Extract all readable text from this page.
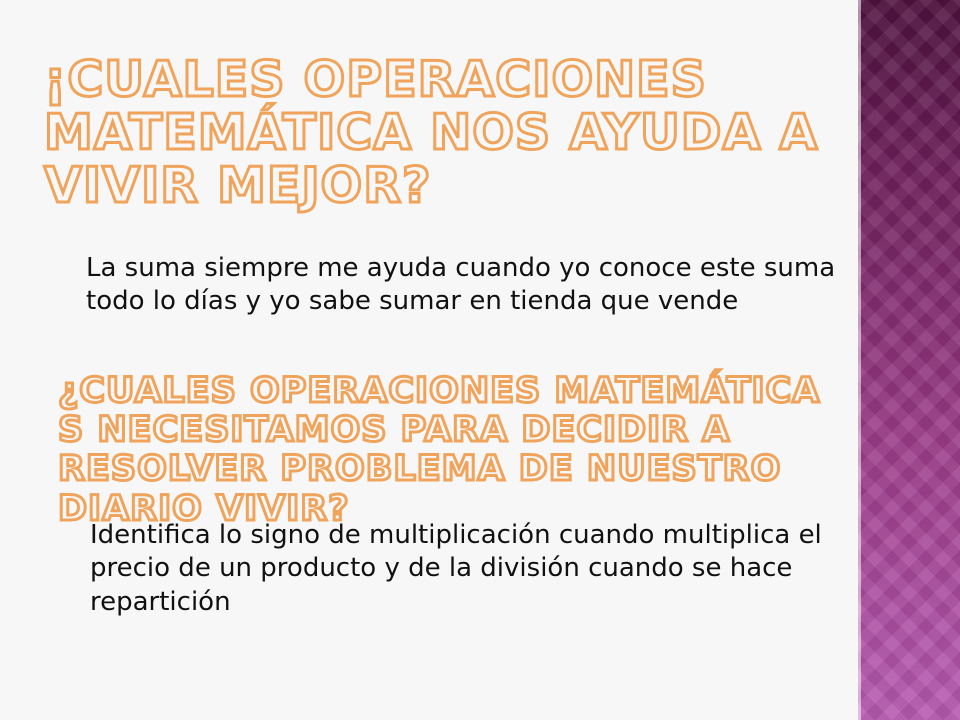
¡CUALES OPERACIONES MATEMÁTICA NOS AYUDA A VIVIR MEJOR?

La suma siempre me ayuda cuando yo conoce este suma todo lo días y yo sabe sumar en tienda que vende

¿CUALES OPERACIONES MATEMÁTICA S NECESITAMOS PARA DECIDIR A RESOLVER PROBLEMA DE NUESTRO DIARIO VIVIR?

Identifica lo signo de multiplicación cuando multiplica el precio de un producto y de la división cuando se hace repartición
